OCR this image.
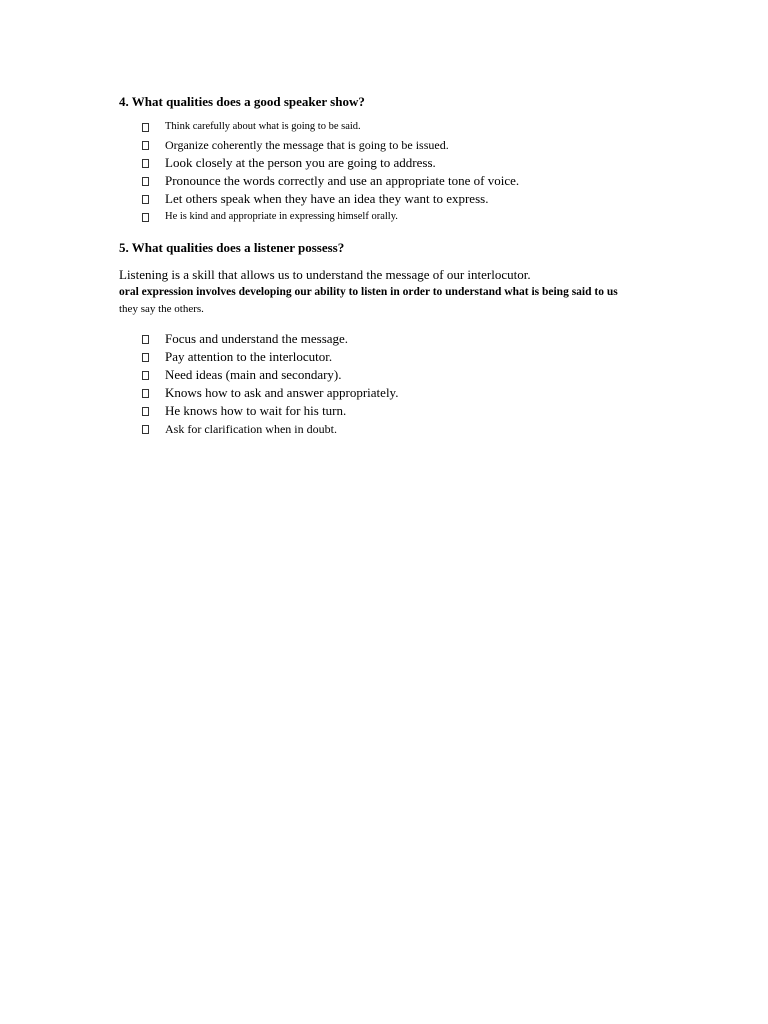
4. What qualities does a good speaker show?
Think carefully about what is going to be said.
Organize coherently the message that is going to be issued.
Look closely at the person you are going to address.
Pronounce the words correctly and use an appropriate tone of voice.
Let others speak when they have an idea they want to express.
He is kind and appropriate in expressing himself orally.
5. What qualities does a listener possess?
Listening is a skill that allows us to understand the message of our interlocutor.
oral expression involves developing our ability to listen in order to understand what is being said to us
they say the others.
Focus and understand the message.
Pay attention to the interlocutor.
Need ideas (main and secondary).
Knows how to ask and answer appropriately.
He knows how to wait for his turn.
Ask for clarification when in doubt.
